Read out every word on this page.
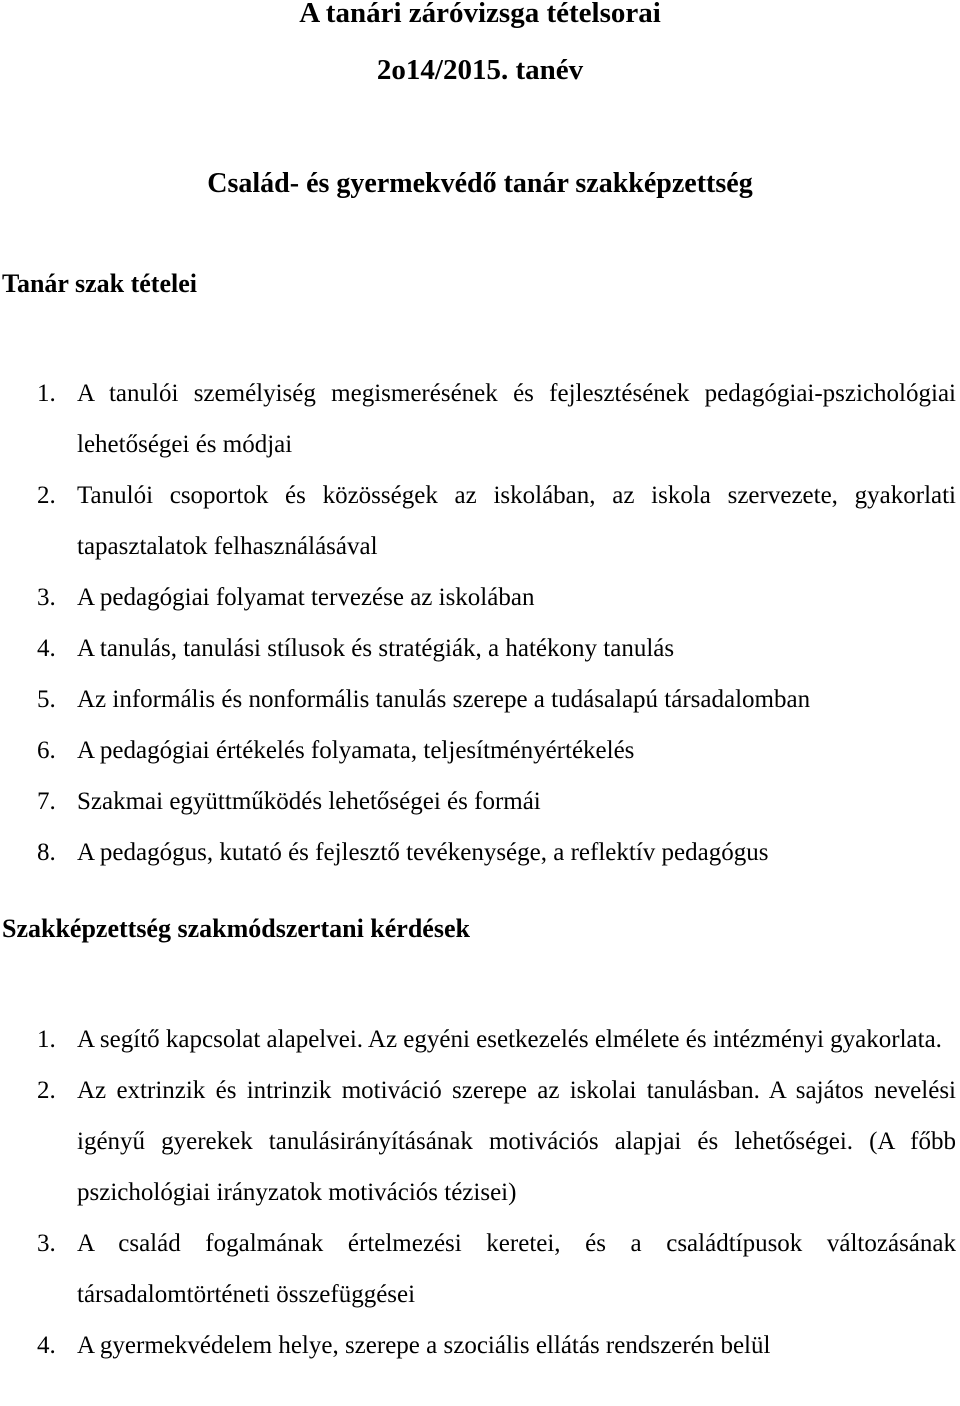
A tanári záróvizsga tételsorai
2o14/2015. tanév
Család- és gyermekvédő tanár szakképzettség
Tanár szak tételei
1. A tanulói személyiség megismerésének és fejlesztésének pedagógiai-pszichológiai lehetőségei és módjai
2. Tanulói csoportok és közösségek az iskolában, az iskola szervezete, gyakorlati tapasztalatok felhasználásával
3. A pedagógiai folyamat tervezése az iskolában
4. A tanulás, tanulási stílusok és stratégiák, a hatékony tanulás
5. Az informális és nonformális tanulás szerepe a tudásalapú társadalomban
6. A pedagógiai értékelés folyamata, teljesítményértékelés
7. Szakmai együttműködés lehetőségei és formái
8. A pedagógus, kutató és fejlesztő tevékenysége, a reflektív pedagógus
Szakképzettség szakmódszertani kérdések
1. A segítő kapcsolat alapelvei. Az egyéni esetkezelés elmélete és intézményi gyakorlata.
2. Az extrinzik és intrinzik motiváció szerepe az iskolai tanulásban. A sajátos nevelési igényű gyerekek tanulásirányításának motivációs alapjai és lehetőségei. (A főbb pszichológiai irányzatok motivációs tézisei)
3. A család fogalmának értelmezési keretei, és a családtípusok változásának társadalomtörténeti összefüggései
4. A gyermekvédelem helye, szerepe a szociális ellátás rendszerén belül
